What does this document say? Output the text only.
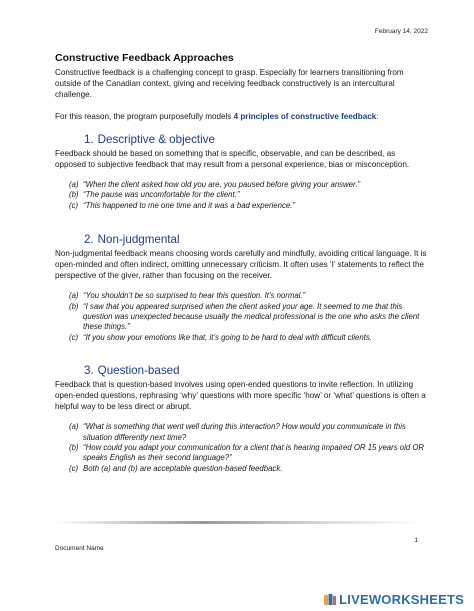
February 14, 2022
Constructive Feedback Approaches

Constructive feedback is a challenging concept to grasp. Especially for learners transitioning from outside of the Canadian context, giving and receiving feedback constructively is an intercultural challenge.

For this reason, the program purposefully models 4 principles of constructive feedback:

1. Descriptive & objective

Feedback should be based on something that is specific, observable, and can be described, as opposed to subjective feedback that may result from a personal experience, bias or misconception.

(a) “When the client asked how old you are, you paused before giving your answer.”
(b) “The pause was uncomfortable for the client.”
(c) “This happened to me one time and it was a bad experience.”
2. Non-judgmental

Non-judgmental feedback means choosing words carefully and mindfully, avoiding critical language. It is open-minded and often indirect, omitting unnecessary criticism. It often uses ‘I’ statements to reflect the perspective of the giver, rather than focusing on the receiver.

(a) “You shouldn’t be so surprised to hear this question. It’s normal.”
(b) “I saw that you appeared surprised when the client asked your age. It seemed to me that this question was unexpected because usually the medical professional is the one who asks the client these things.”
(c) “If you show your emotions like that, it’s going to be hard to deal with difficult clients.
3. Question-based

Feedback that is question-based involves using open-ended questions to invite reflection. In utilizing open-ended questions, rephrasing ‘why’ questions with more specific ‘how’ or ‘what’ questions is often a helpful way to be less direct or abrupt.

(a) “What is something that went well during this interaction? How would you communicate in this situation differently next time?
(b) “How could you adapt your communication for a client that is hearing impaired OR 15 years old OR speaks English as their second language?”
(c) Both (a) and (b) are acceptable question-based feedback.
1
Document Name
LIVEWORKSHEETS
